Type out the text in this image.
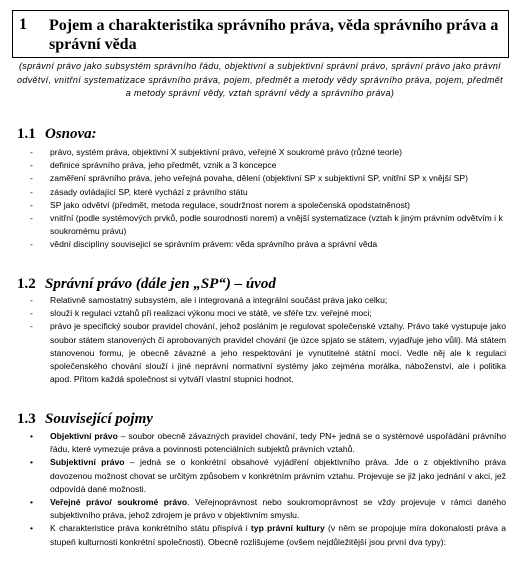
1 Pojem a charakteristika správního práva, věda správního práva a správní věda
(správní právo jako subsystém správního řádu, objektivní a subjektivní správní právo, správní právo jako právní odvětví, vnitřní systematizace správního práva, pojem, předmět a metody vědy správního práva, pojem, předmět a metody správní vědy, vztah správní vědy a správního práva)
1.1 Osnova:
- právo, systém práva, objektivní X subjektivní právo, veřejné X soukromé právo (různé teorie)
- definice správního práva, jeho předmět, vznik a 3 koncepce
- zaměření správního práva, jeho veřejná povaha, dělení (objektivní SP x subjektivní SP, vnitřní SP x vnější SP)
- zásady ovládající SP, které vychází z právního státu
- SP jako odvětví (předmět, metoda regulace, soudržnost norem a společenská opodstatněnost)
- vnitřní (podle systémových prvků, podle sourodnosti norem) a vnější systematizace (vztah k jiným právním odvětvím i k soukromému právu)
- vědní disciplíny souvisejicí se správním právem: věda správního práva a správní věda
1.2 Správní právo (dále jen „SP“) – úvod
- Relativně samostatný subsystém, ale i integrovaná a integrální součást práva jako celku;
- slouží k regulaci vztahů při realizaci výkonu moci ve státě, ve sféře tzv. veřejné moci;
- právo je specifický soubor pravidel chování, jehož posláním je regulovat společenské vztahy. Právo také vystupuje jako soubor státem stanovených či aprobovaných pravidel chování (je úzce spjato se státem, vyjadřuje jeho vůli). Má státem stanovenou formu, je obecně závazné a jeho respektování je vynutitelné státní mocí. Vedle něj ale k regulaci společenského chování slouží i jiné neprávní normativní systémy jako zejména morálka, náboženství, ale i politika apod. Přitom každá společnost si vytváří vlastní stupnici hodnot.
1.3 Související pojmy
• Objektivní právo – soubor obecně závazných pravidel chování, tedy PN+ jedná se o systémové uspořádání právního řádu, které vymezuje práva a povinnosti potenciálních subjektů právních vztahů.
• Subjektivní právo – jedná se o konkrétní obsahové vyjádření objektivního práva. Jde o z objektivního práva dovozenou možnost chovat se určitým způsobem v konkrétním právním vztahu. Projevuje se již jako jednání v akci, jež odpovídá dané možnosti.
• Veřejné právo/ soukromé právo. Veřejnoprávnost nebo soukromoprávnost se vždy projevuje v rámci daného subjektivního práva, jehož zdrojem je právo v objektivním smyslu.
• K charakteristice práva konkrétního státu přispívá i typ právní kultury (v něm se propojuje míra dokonalosti práva a stupeň kulturnosti konkrétní společnosti). Obecně rozlišujeme (ovšem nejdůležitější jsou první dva typy):
